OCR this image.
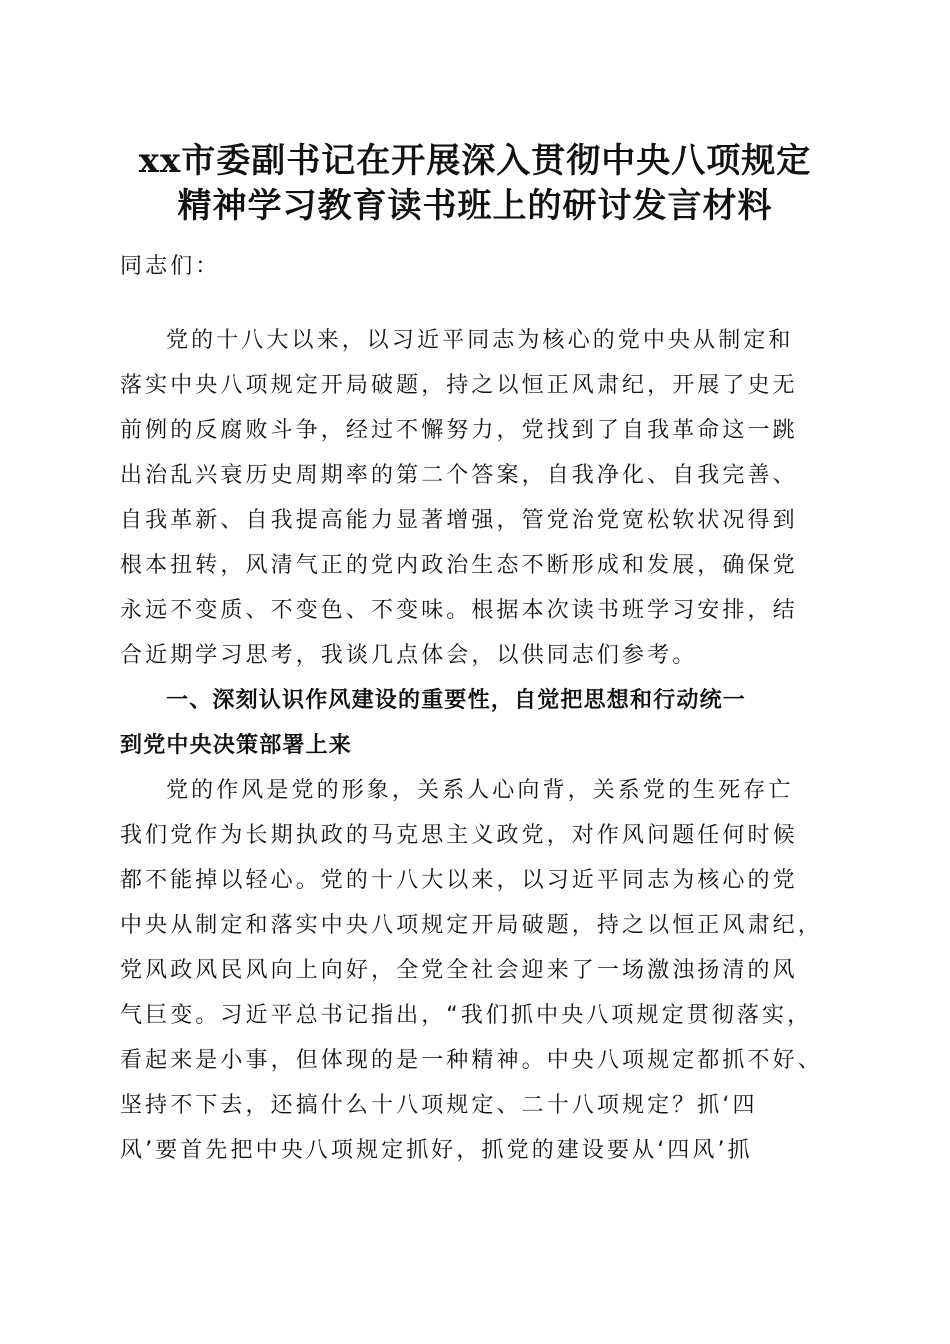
xx市委副书记在开展深入贯彻中央八项规定
精神学习教育读书班上的研讨发言材料
同志们：
党的十八大以来，以习近平同志为核心的党中央从制定和
落实中央八项规定开局破题，持之以恒正风肃纪，开展了史无
前例的反腐败斗争，经过不懈努力，党找到了自我革命这一跳
出治乱兴衰历史周期率的第二个答案，自我净化、自我完善、
自我革新、自我提高能力显著增强，管党治党宽松软状况得到
根本扭转，风清气正的党内政治生态不断形成和发展，确保党
永远不变质、不变色、不变味。根据本次读书班学习安排，结
合近期学习思考，我谈几点体会，以供同志们参考。
一、深刻认识作风建设的重要性，自觉把思想和行动统一
到党中央决策部署上来
党的作风是党的形象，关系人心向背，关系党的生死存亡
我们党作为长期执政的马克思主义政党，对作风问题任何时候
都不能掉以轻心。党的十八大以来，以习近平同志为核心的党
中央从制定和落实中央八项规定开局破题，持之以恒正风肃纪，
党风政风民风向上向好，全党全社会迎来了一场激浊扬清的风
气巨变。习近平总书记指出，“我们抓中央八项规定贯彻落实，
看起来是小事，但体现的是一种精神。中央八项规定都抓不好、
坚持不下去，还搞什么十八项规定、二十八项规定？抓‘四
风’要首先把中央八项规定抓好，抓党的建设要从‘四风’抓
